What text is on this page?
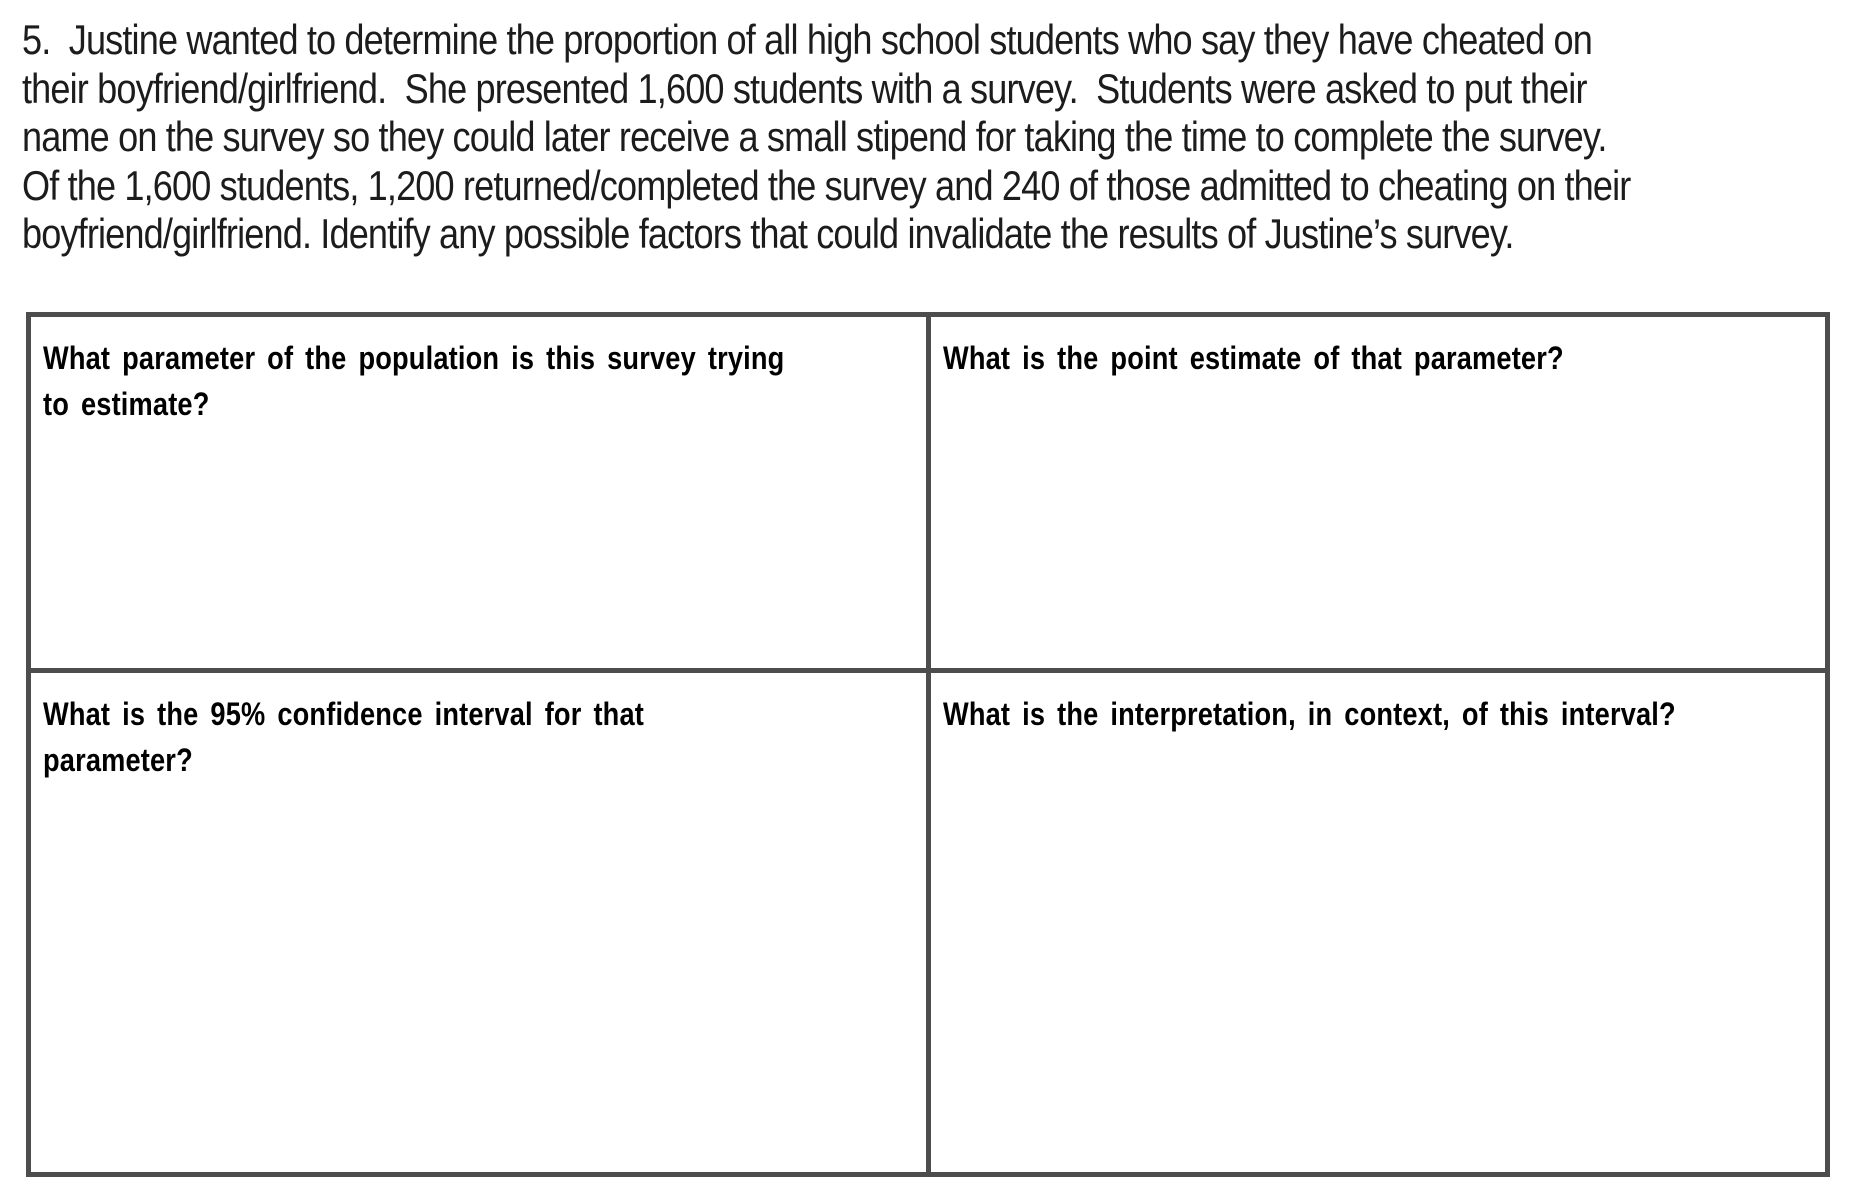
5.  Justine wanted to determine the proportion of all high school students who say they have cheated on
their boyfriend/girlfriend.  She presented 1,600 students with a survey.  Students were asked to put their
name on the survey so they could later receive a small stipend for taking the time to complete the survey.
Of the 1,600 students, 1,200 returned/completed the survey and 240 of those admitted to cheating on their
boyfriend/girlfriend. Identify any possible factors that could invalidate the results of Justine’s survey.
What parameter of the population is this survey trying
to estimate?	What is the point estimate of that parameter?

What is the 95% confidence interval for that
parameter?	What is the interpretation, in context, of this interval?
